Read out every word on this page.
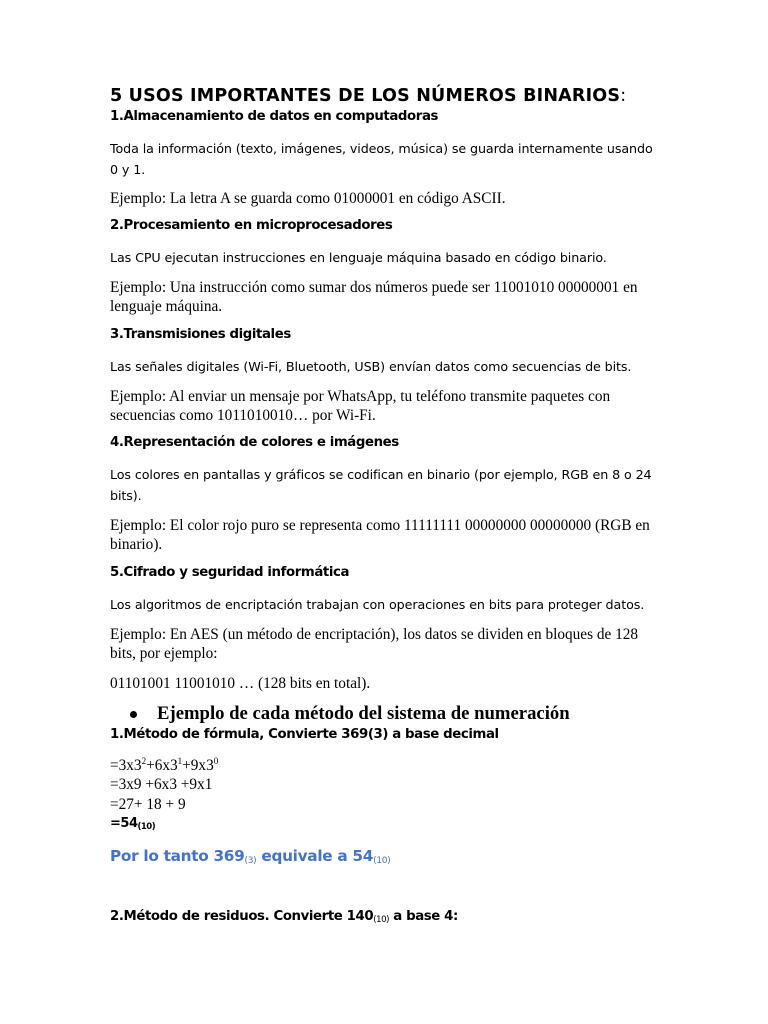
5 USOS IMPORTANTES DE LOS NÚMEROS BINARIOS:
1.Almacenamiento de datos en computadoras
Toda la información (texto, imágenes, videos, música) se guarda internamente usando 0 y 1.
Ejemplo: La letra A se guarda como 01000001 en código ASCII.
2.Procesamiento en microprocesadores
Las CPU ejecutan instrucciones en lenguaje máquina basado en código binario.
Ejemplo: Una instrucción como sumar dos números puede ser 11001010 00000001 en lenguaje máquina.
3.Transmisiones digitales
Las señales digitales (Wi-Fi, Bluetooth, USB) envían datos como secuencias de bits.
Ejemplo: Al enviar un mensaje por WhatsApp, tu teléfono transmite paquetes con secuencias como 1011010010… por Wi-Fi.
4.Representación de colores e imágenes
Los colores en pantallas y gráficos se codifican en binario (por ejemplo, RGB en 8 o 24 bits).
Ejemplo: El color rojo puro se representa como 11111111 00000000 00000000 (RGB en binario).
5.Cifrado y seguridad informática
Los algoritmos de encriptación trabajan con operaciones en bits para proteger datos.
Ejemplo: En AES (un método de encriptación), los datos se dividen en bloques de 128 bits, por ejemplo:
01101001 11001010 … (128 bits en total).
Ejemplo de cada método del sistema de numeración
1.Método de fórmula, Convierte 369(3) a base decimal
$=3x3^2+6x3^1+9x3^0$
=3x9 +6x3 +9x1
=27+ 18 + 9
$=54_{(10)}$
Por lo tanto $369_{(3)}$ equivale a $54_{(10)}$
2.Método de residuos. Convierte $140_{(10)}$ a base 4:
